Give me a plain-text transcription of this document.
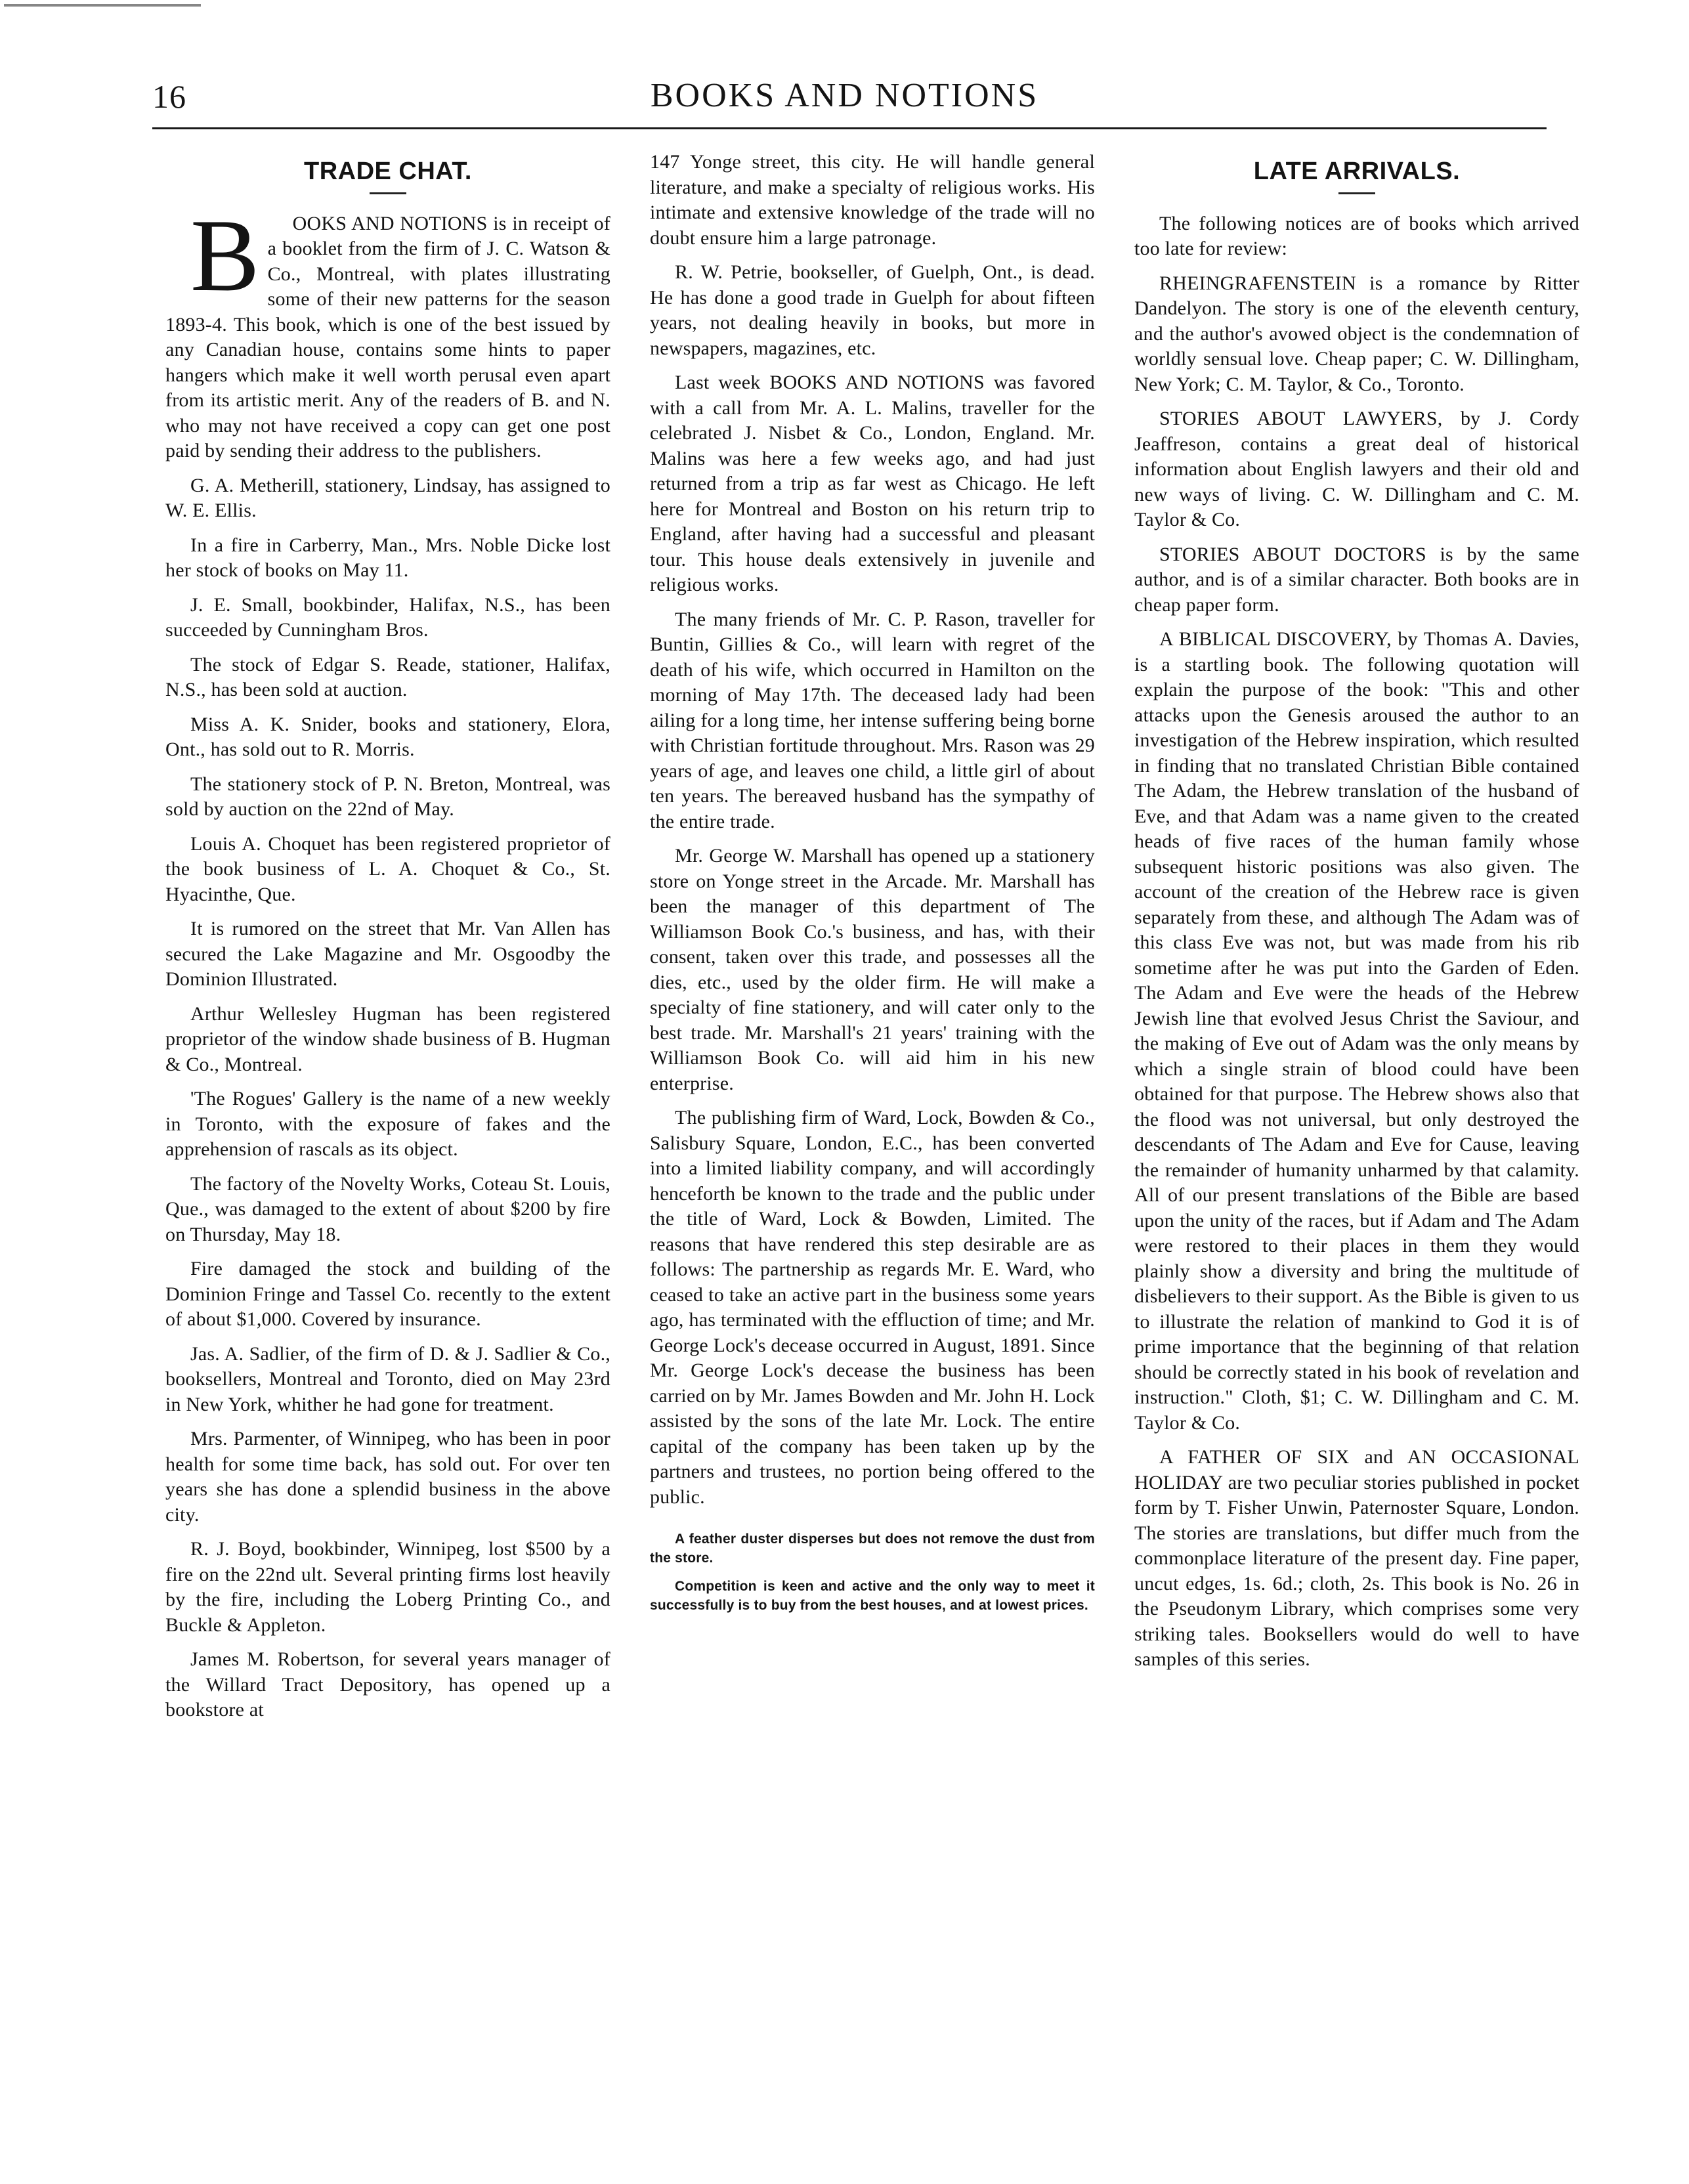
16	BOOKS AND NOTIONS
TRADE CHAT.

B OOKS AND NOTIONS is in receipt of a booklet from the firm of J. C. Watson & Co., Montreal, with plates illustrating some of their new patterns for the season 1893-4. This book, which is one of the best issued by any Canadian house, contains some hints to paper hangers which make it well worth perusal even apart from its artistic merit. Any of the readers of B. and N. who may not have received a copy can get one post paid by sending their address to the publishers.

G. A. Metherill, stationery, Lindsay, has assigned to W. E. Ellis.

In a fire in Carberry, Man., Mrs. Noble Dicke lost her stock of books on May 11.

J. E. Small, bookbinder, Halifax, N.S., has been succeeded by Cunningham Bros.

The stock of Edgar S. Reade, stationer, Halifax, N.S., has been sold at auction.

Miss A. K. Snider, books and stationery, Elora, Ont., has sold out to R. Morris.

The stationery stock of P. N. Breton, Montreal, was sold by auction on the 22nd of May.

Louis A. Choquet has been registered proprietor of the book business of L. A. Choquet & Co., St. Hyacinthe, Que.

It is rumored on the street that Mr. Van Allen has secured the Lake Magazine and Mr. Osgoodby the Dominion Illustrated.

Arthur Wellesley Hugman has been registered proprietor of the window shade business of B. Hugman & Co., Montreal.

'The Rogues' Gallery is the name of a new weekly in Toronto, with the exposure of fakes and the apprehension of rascals as its object.

The factory of the Novelty Works, Coteau St. Louis, Que., was damaged to the extent of about $200 by fire on Thursday, May 18.

Fire damaged the stock and building of the Dominion Fringe and Tassel Co. recently to the extent of about $1,000. Covered by insurance.

Jas. A. Sadlier, of the firm of D. & J. Sadlier & Co., booksellers, Montreal and Toronto, died on May 23rd in New York, whither he had gone for treatment.

Mrs. Parmenter, of Winnipeg, who has been in poor health for some time back, has sold out. For over ten years she has done a splendid business in the above city.

R. J. Boyd, bookbinder, Winnipeg, lost $500 by a fire on the 22nd ult. Several printing firms lost heavily by the fire, including the Loberg Printing Co., and Buckle & Appleton.

James M. Robertson, for several years manager of the Willard Tract Depository, has opened up a bookstore at

147 Yonge street, this city. He will handle general literature, and make a specialty of religious works. His intimate and extensive knowledge of the trade will no doubt ensure him a large patronage.

R. W. Petrie, bookseller, of Guelph, Ont., is dead. He has done a good trade in Guelph for about fifteen years, not dealing heavily in books, but more in newspapers, magazines, etc.

Last week BOOKS AND NOTIONS was favored with a call from Mr. A. L. Malins, traveller for the celebrated J. Nisbet & Co., London, England. Mr. Malins was here a few weeks ago, and had just returned from a trip as far west as Chicago. He left here for Montreal and Boston on his return trip to England, after having had a successful and pleasant tour. This house deals extensively in juvenile and religious works.

The many friends of Mr. C. P. Rason, traveller for Buntin, Gillies & Co., will learn with regret of the death of his wife, which occurred in Hamilton on the morning of May 17th. The deceased lady had been ailing for a long time, her intense suffering being borne with Christian fortitude throughout. Mrs. Rason was 29 years of age, and leaves one child, a little girl of about ten years. The bereaved husband has the sympathy of the entire trade.

Mr. George W. Marshall has opened up a stationery store on Yonge street in the Arcade. Mr. Marshall has been the manager of this department of The Williamson Book Co.'s business, and has, with their consent, taken over this trade, and possesses all the dies, etc., used by the older firm. He will make a specialty of fine stationery, and will cater only to the best trade. Mr. Marshall's 21 years' training with the Williamson Book Co. will aid him in his new enterprise.

The publishing firm of Ward, Lock, Bowden & Co., Salisbury Square, London, E.C., has been converted into a limited liability company, and will accordingly henceforth be known to the trade and the public under the title of Ward, Lock & Bowden, Limited. The reasons that have rendered this step desirable are as follows: The partnership as regards Mr. E. Ward, who ceased to take an active part in the business some years ago, has terminated with the effluction of time; and Mr. George Lock's decease occurred in August, 1891. Since Mr. George Lock's decease the business has been carried on by Mr. James Bowden and Mr. John H. Lock assisted by the sons of the late Mr. Lock. The entire capital of the company has been taken up by the partners and trustees, no portion being offered to the public.

A feather duster disperses but does not remove the dust from the store.

Competition is keen and active and the only way to meet it successfully is to buy from the best houses, and at lowest prices.

LATE ARRIVALS.

The following notices are of books which arrived too late for review:

RHEINGRAFENSTEIN is a romance by Ritter Dandelyon. The story is one of the eleventh century, and the author's avowed object is the condemnation of worldly sensual love. Cheap paper; C. W. Dillingham, New York; C. M. Taylor, & Co., Toronto.

STORIES ABOUT LAWYERS, by J. Cordy Jeaffreson, contains a great deal of historical information about English lawyers and their old and new ways of living. C. W. Dillingham and C. M. Taylor & Co.

STORIES ABOUT DOCTORS is by the same author, and is of a similar character. Both books are in cheap paper form.

A BIBLICAL DISCOVERY, by Thomas A. Davies, is a startling book. The following quotation will explain the purpose of the book: "This and other attacks upon the Genesis aroused the author to an investigation of the Hebrew inspiration, which resulted in finding that no translated Christian Bible contained The Adam, the Hebrew translation of the husband of Eve, and that Adam was a name given to the created heads of five races of the human family whose subsequent historic positions was also given. The account of the creation of the Hebrew race is given separately from these, and although The Adam was of this class Eve was not, but was made from his rib sometime after he was put into the Garden of Eden. The Adam and Eve were the heads of the Hebrew Jewish line that evolved Jesus Christ the Saviour, and the making of Eve out of Adam was the only means by which a single strain of blood could have been obtained for that purpose. The Hebrew shows also that the flood was not universal, but only destroyed the descendants of The Adam and Eve for Cause, leaving the remainder of humanity unharmed by that calamity. All of our present translations of the Bible are based upon the unity of the races, but if Adam and The Adam were restored to their places in them they would plainly show a diversity and bring the multitude of disbelievers to their support. As the Bible is given to us to illustrate the relation of mankind to God it is of prime importance that the beginning of that relation should be correctly stated in his book of revelation and instruction." Cloth, $1; C. W. Dillingham and C. M. Taylor & Co.

A FATHER OF SIX and AN OCCASIONAL HOLIDAY are two peculiar stories published in pocket form by T. Fisher Unwin, Paternoster Square, London. The stories are translations, but differ much from the commonplace literature of the present day. Fine paper, uncut edges, 1s. 6d.; cloth, 2s. This book is No. 26 in the Pseudonym Library, which comprises some very striking tales. Booksellers would do well to have samples of this series.
